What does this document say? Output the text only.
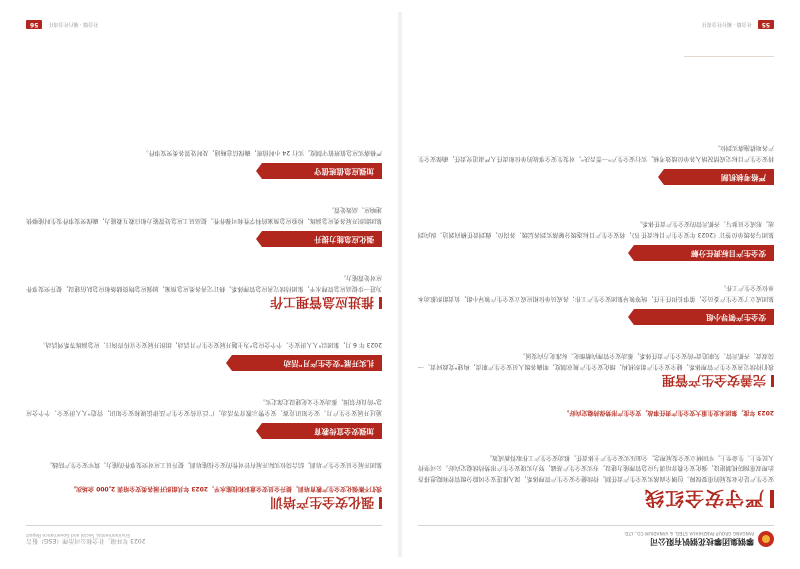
攀钢集团攀枝花钢钒有限公司
PANGANG GROUP PANZHIHUA STEEL & VANADIUM CO., LTD.
严守安全红线
安全生产是企业发展的重要保障。包钢全面落实安全生产责任制，持续健全安全生产管理体系，深入推进安全风险分级管控和隐患排查治理双重预防机制建设，强化安全教育培训与应急管理能力建设，夯实安全生产基础，努力实现安全生产形势持续稳定向好。公司坚持人民至上、生命至上，牢固树立安全发展理念，全面压实安全生产主体责任，推动安全生产工作取得新成效。
2023 年度，集团未发生重大安全生产责任事故，安全生产形势保持稳定向好。
完善安全生产管理
我们持续完善安全生产管理体系，健全安全生产组织机构，细化安全生产规章制度，明确各级人员安全生产职责，构建"党政同责、一岗双责、齐抓共管、失职追责"的安全生产责任体系，推动安全管理向精细化、标准化方向发展。
安全生产领导小组
集团成立了安全生产委员会，董事长担任主任，统筹领导集团安全生产工作；各成员单位相应成立安全生产领导小组，负责组织推动本单位安全生产工作。
安全生产目标责任分解
集团与各级单位签订《2023 年安全生产目标责任书》，将安全生产目标逐级分解落实到各层级、各岗位，做到责任横向到边、纵向到底，形成全员参与、齐抓共管的安全生产责任体系。
严格考核机制
将安全生产目标完成情况纳入各单位绩效考核，实行安全生产"一票否决"，对发生安全事故的单位和责任人严肃追究责任，确保安全生产各项措施落实到位。
55
社会篇 · 履行社会责任
2023 年环境、社会和公司治理（ESG）报告
Environmental, Social and Governance Report
强化安全生产培训
我们不断强化安全生产教育培训，提升全员安全意识和技能水平，2023 年共组织开展各类安全培训 2,000 余场次。
集团开展全员安全生产培训，结合岗位实际开展有针对性的安全技能培训，提升员工应对突发事件的能力，筑牢安全生产防线。
加强安全宣传教育
通过开展安全生产月、安全知识竞赛、安全警示教育等活动，广泛宣传安全生产法律法规和安全知识，营造"人人讲安全、个个会应急"的良好氛围，推动安全文化建设走深走实。
扎实开展"安全生产月"活动
2023 年 6 月，集团以"人人讲安全、个个会应急"为主题开展安全生产月活动，组织开展安全宣传咨询日、应急演练等系列活动。
推进应急管理工作
为进一步提高应急管理水平，集团持续完善应急管理体系，修订完善各类应急预案，加强应急物资储备和应急队伍建设，提升突发事件应对处置能力。
强化应急能力提升
集团组织开展各类应急演练，检验应急预案的科学性和可操作性，提高员工应急处置能力和自救互救能力，确保突发事件发生时能够快速响应、高效处置。
加强应急值班值守
严格落实应急值班值守制度，实行 24 小时值班，确保信息畅通，及时处置各类突发事件。
社会篇 · 履行社会责任
56
